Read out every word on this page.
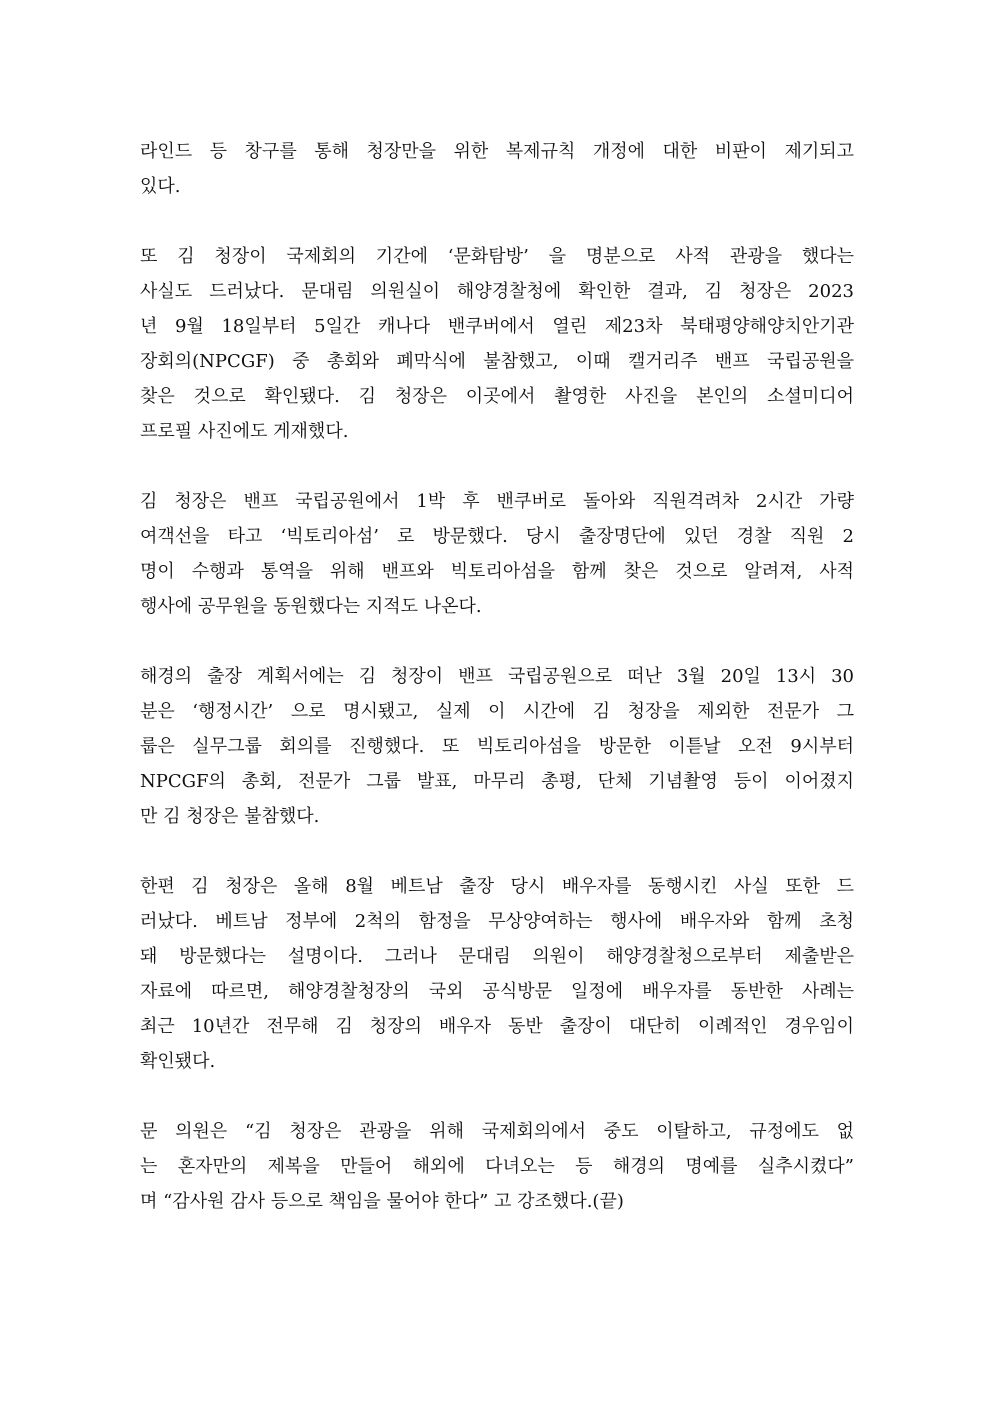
라인드 등 창구를 통해 청장만을 위한 복제규칙 개정에 대한 비판이 제기되고
있다.
또 김 청장이 국제회의 기간에 ‘문화탐방’ 을 명분으로 사적 관광을 했다는
사실도 드러났다. 문대림 의원실이 해양경찰청에 확인한 결과, 김 청장은 2023
년 9월 18일부터 5일간 캐나다 밴쿠버에서 열린 제23차 북태평양해양치안기관
장회의(NPCGF) 중 총회와 폐막식에 불참했고, 이때 캘거리주 밴프 국립공원을
찾은 것으로 확인됐다. 김 청장은 이곳에서 촬영한 사진을 본인의 소셜미디어
프로필 사진에도 게재했다.
김 청장은 밴프 국립공원에서 1박 후 밴쿠버로 돌아와 직원격려차 2시간 가량
여객선을 타고 ‘빅토리아섬’ 로 방문했다. 당시 출장명단에 있던 경찰 직원 2
명이 수행과 통역을 위해 밴프와 빅토리아섬을 함께 찾은 것으로 알려져, 사적
행사에 공무원을 동원했다는 지적도 나온다.
해경의 출장 계획서에는 김 청장이 밴프 국립공원으로 떠난 3월 20일 13시 30
분은 ‘행정시간’ 으로 명시됐고, 실제 이 시간에 김 청장을 제외한 전문가 그
룹은 실무그룹 회의를 진행했다. 또 빅토리아섬을 방문한 이튿날 오전 9시부터
NPCGF의 총회, 전문가 그룹 발표, 마무리 총평, 단체 기념촬영 등이 이어졌지
만 김 청장은 불참했다.
한편 김 청장은 올해 8월 베트남 출장 당시 배우자를 동행시킨 사실 또한 드
러났다. 베트남 정부에 2척의 함정을 무상양여하는 행사에 배우자와 함께 초청
돼 방문했다는 설명이다. 그러나 문대림 의원이 해양경찰청으로부터 제출받은
자료에 따르면, 해양경찰청장의 국외 공식방문 일정에 배우자를 동반한 사례는
최근 10년간 전무해 김 청장의 배우자 동반 출장이 대단히 이례적인 경우임이
확인됐다.
문 의원은 “김 청장은 관광을 위해 국제회의에서 중도 이탈하고, 규정에도 없
는 혼자만의 제복을 만들어 해외에 다녀오는 등 해경의 명예를 실추시켰다”
며 “감사원 감사 등으로 책임을 물어야 한다” 고 강조했다.(끝)
